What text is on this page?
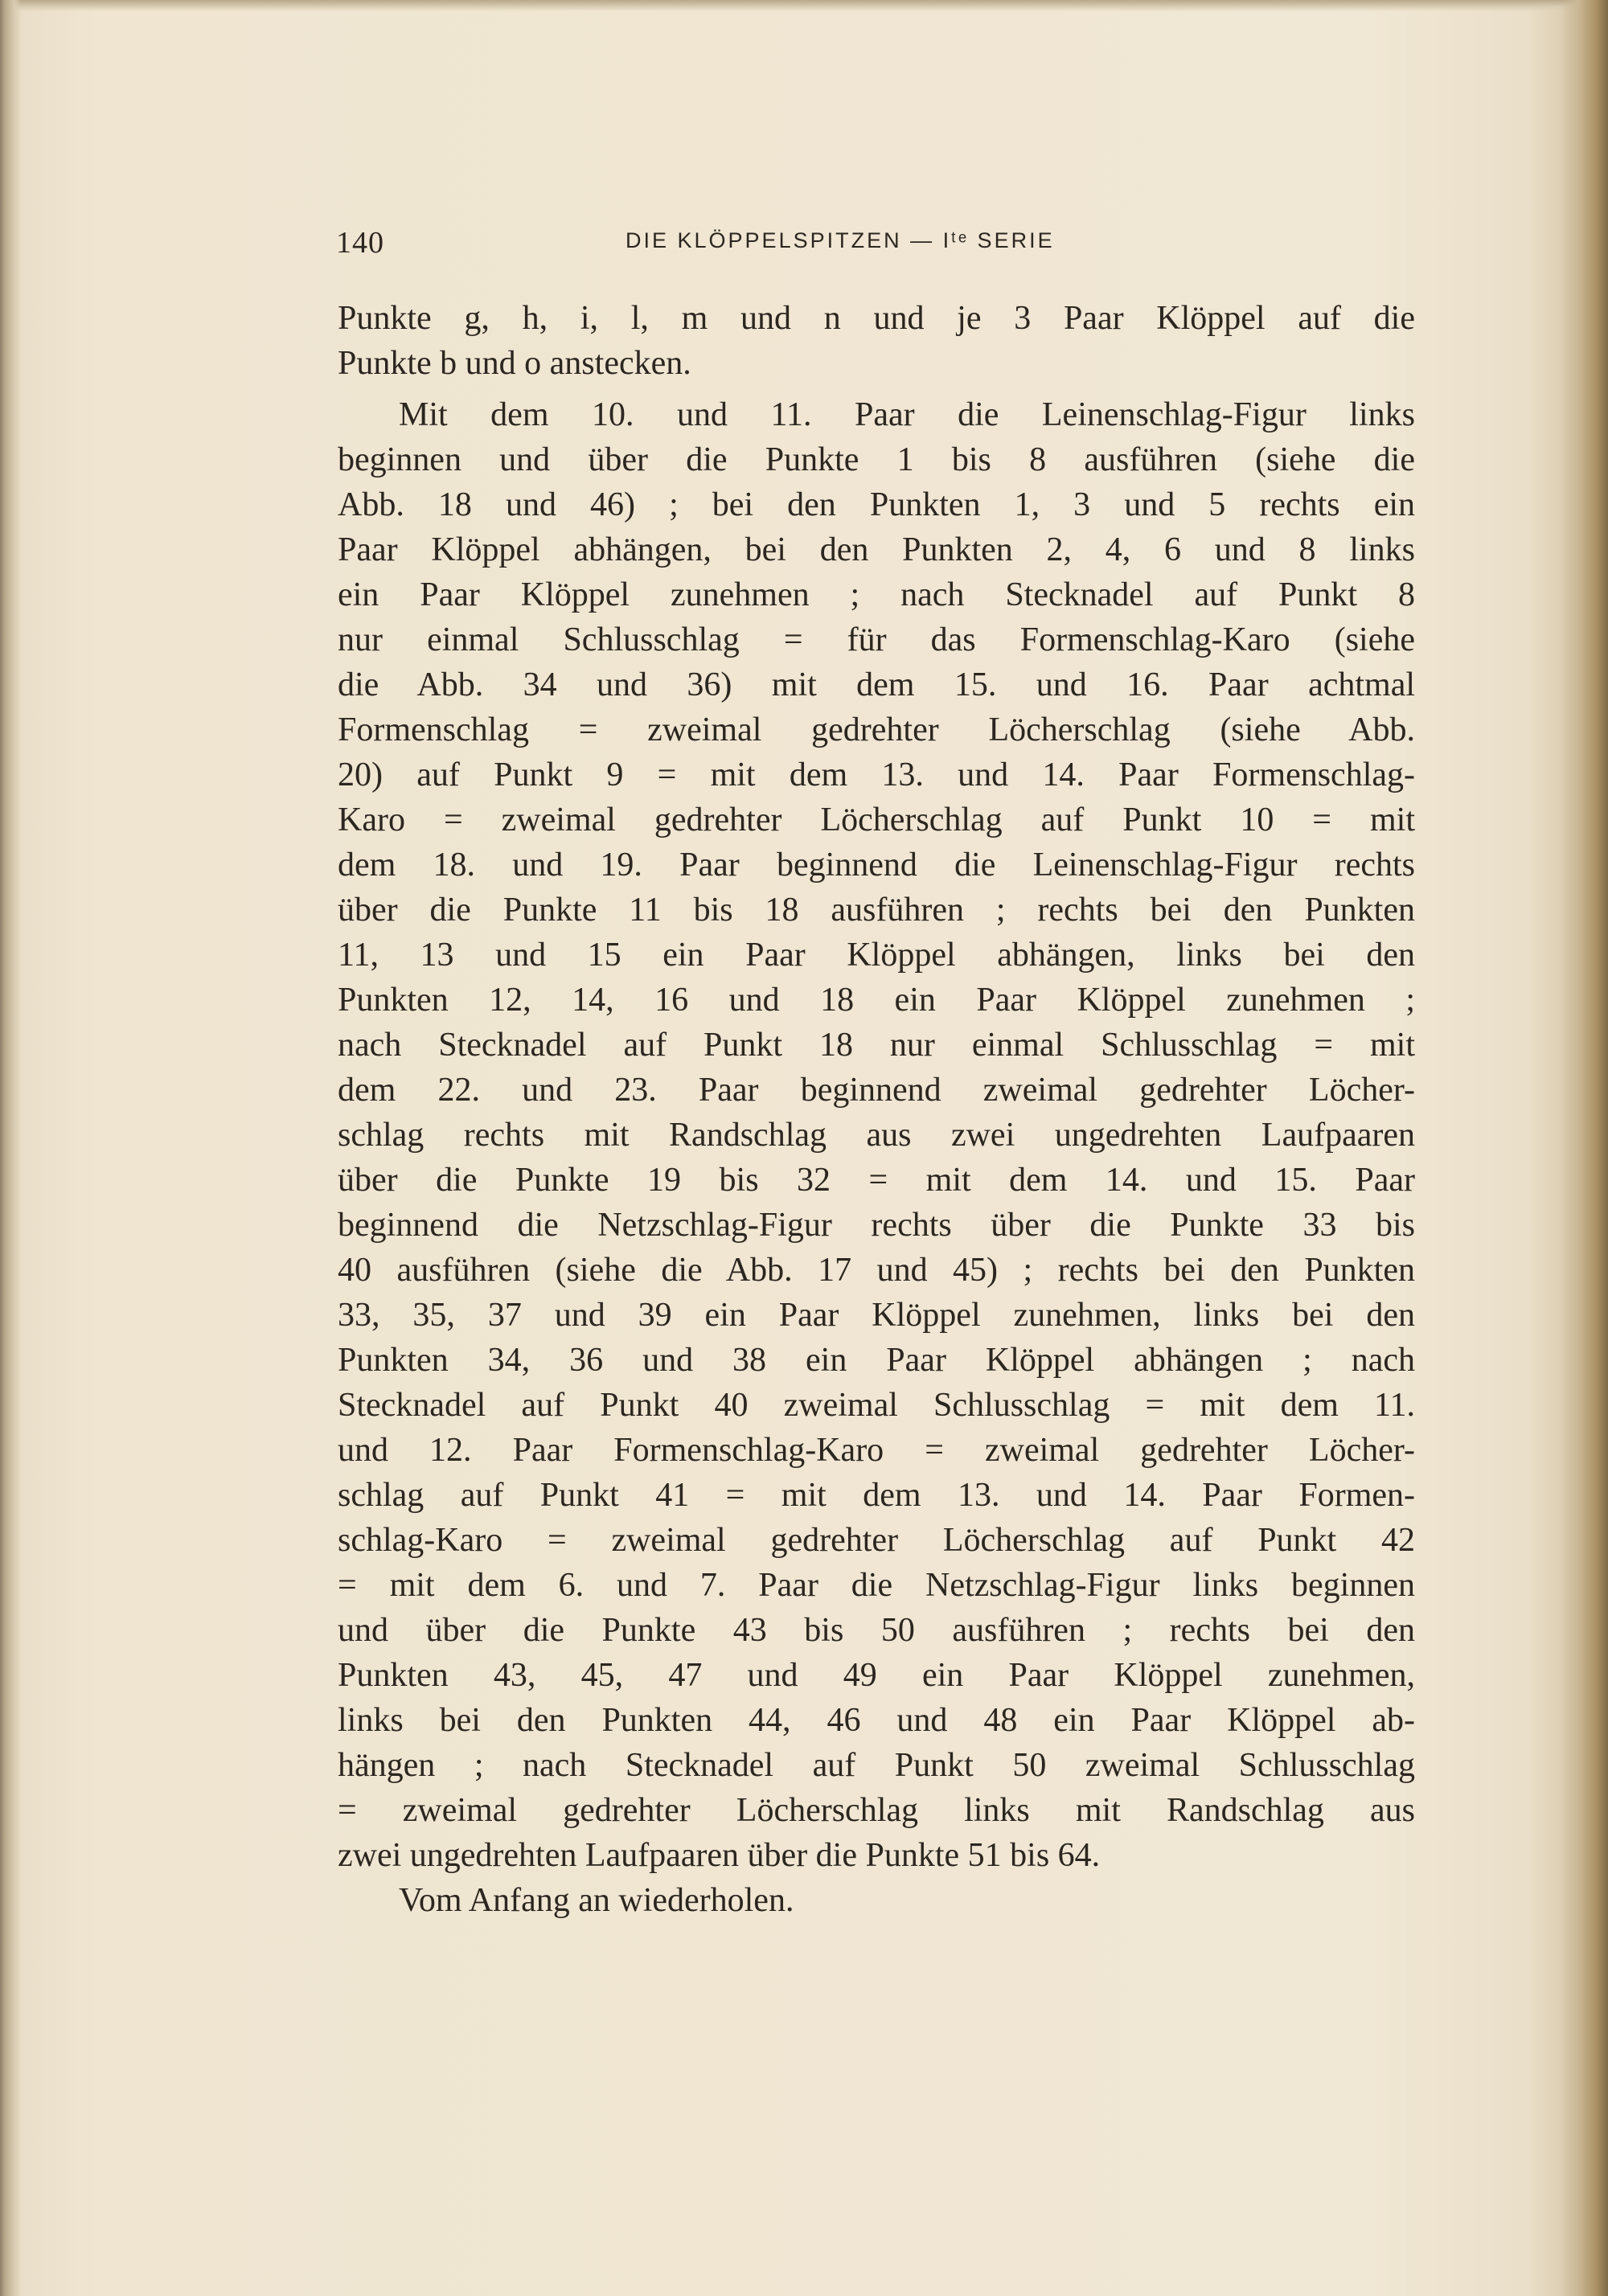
140	DIE KLÖPPELSPITZEN — Iᵗᵉ SERIE
Punkte g, h, i, l, m und n und je 3 Paar Klöppel auf die
Punkte b und o anstecken.
Mit dem 10. und 11. Paar die Leinenschlag-Figur links
beginnen und über die Punkte 1 bis 8 ausführen (siehe die
Abb. 18 und 46) ; bei den Punkten 1, 3 und 5 rechts ein
Paar Klöppel abhängen, bei den Punkten 2, 4, 6 und 8 links
ein Paar Klöppel zunehmen ; nach Stecknadel auf Punkt 8
nur einmal Schlusschlag = für das Formenschlag-Karo (siehe
die Abb. 34 und 36) mit dem 15. und 16. Paar achtmal
Formenschlag = zweimal gedrehter Löcherschlag (siehe Abb.
20) auf Punkt 9 = mit dem 13. und 14. Paar Formenschlag-
Karo = zweimal gedrehter Löcherschlag auf Punkt 10 = mit
dem 18. und 19. Paar beginnend die Leinenschlag-Figur rechts
über die Punkte 11 bis 18 ausführen ; rechts bei den Punkten
11, 13 und 15 ein Paar Klöppel abhängen, links bei den
Punkten 12, 14, 16 und 18 ein Paar Klöppel zunehmen ;
nach Stecknadel auf Punkt 18 nur einmal Schlusschlag = mit
dem 22. und 23. Paar beginnend zweimal gedrehter Löcher-
schlag rechts mit Randschlag aus zwei ungedrehten Laufpaaren
über die Punkte 19 bis 32 = mit dem 14. und 15. Paar
beginnend die Netzschlag-Figur rechts über die Punkte 33 bis
40 ausführen (siehe die Abb. 17 und 45) ; rechts bei den Punkten
33, 35, 37 und 39 ein Paar Klöppel zunehmen, links bei den
Punkten 34, 36 und 38 ein Paar Klöppel abhängen ; nach
Stecknadel auf Punkt 40 zweimal Schlusschlag = mit dem 11.
und 12. Paar Formenschlag-Karo = zweimal gedrehter Löcher-
schlag auf Punkt 41 = mit dem 13. und 14. Paar Formen-
schlag-Karo = zweimal gedrehter Löcherschlag auf Punkt 42
= mit dem 6. und 7. Paar die Netzschlag-Figur links beginnen
und über die Punkte 43 bis 50 ausführen ; rechts bei den
Punkten 43, 45, 47 und 49 ein Paar Klöppel zunehmen,
links bei den Punkten 44, 46 und 48 ein Paar Klöppel ab-
hängen ; nach Stecknadel auf Punkt 50 zweimal Schlusschlag
= zweimal gedrehter Löcherschlag links mit Randschlag aus
zwei ungedrehten Laufpaaren über die Punkte 51 bis 64.
Vom Anfang an wiederholen.
